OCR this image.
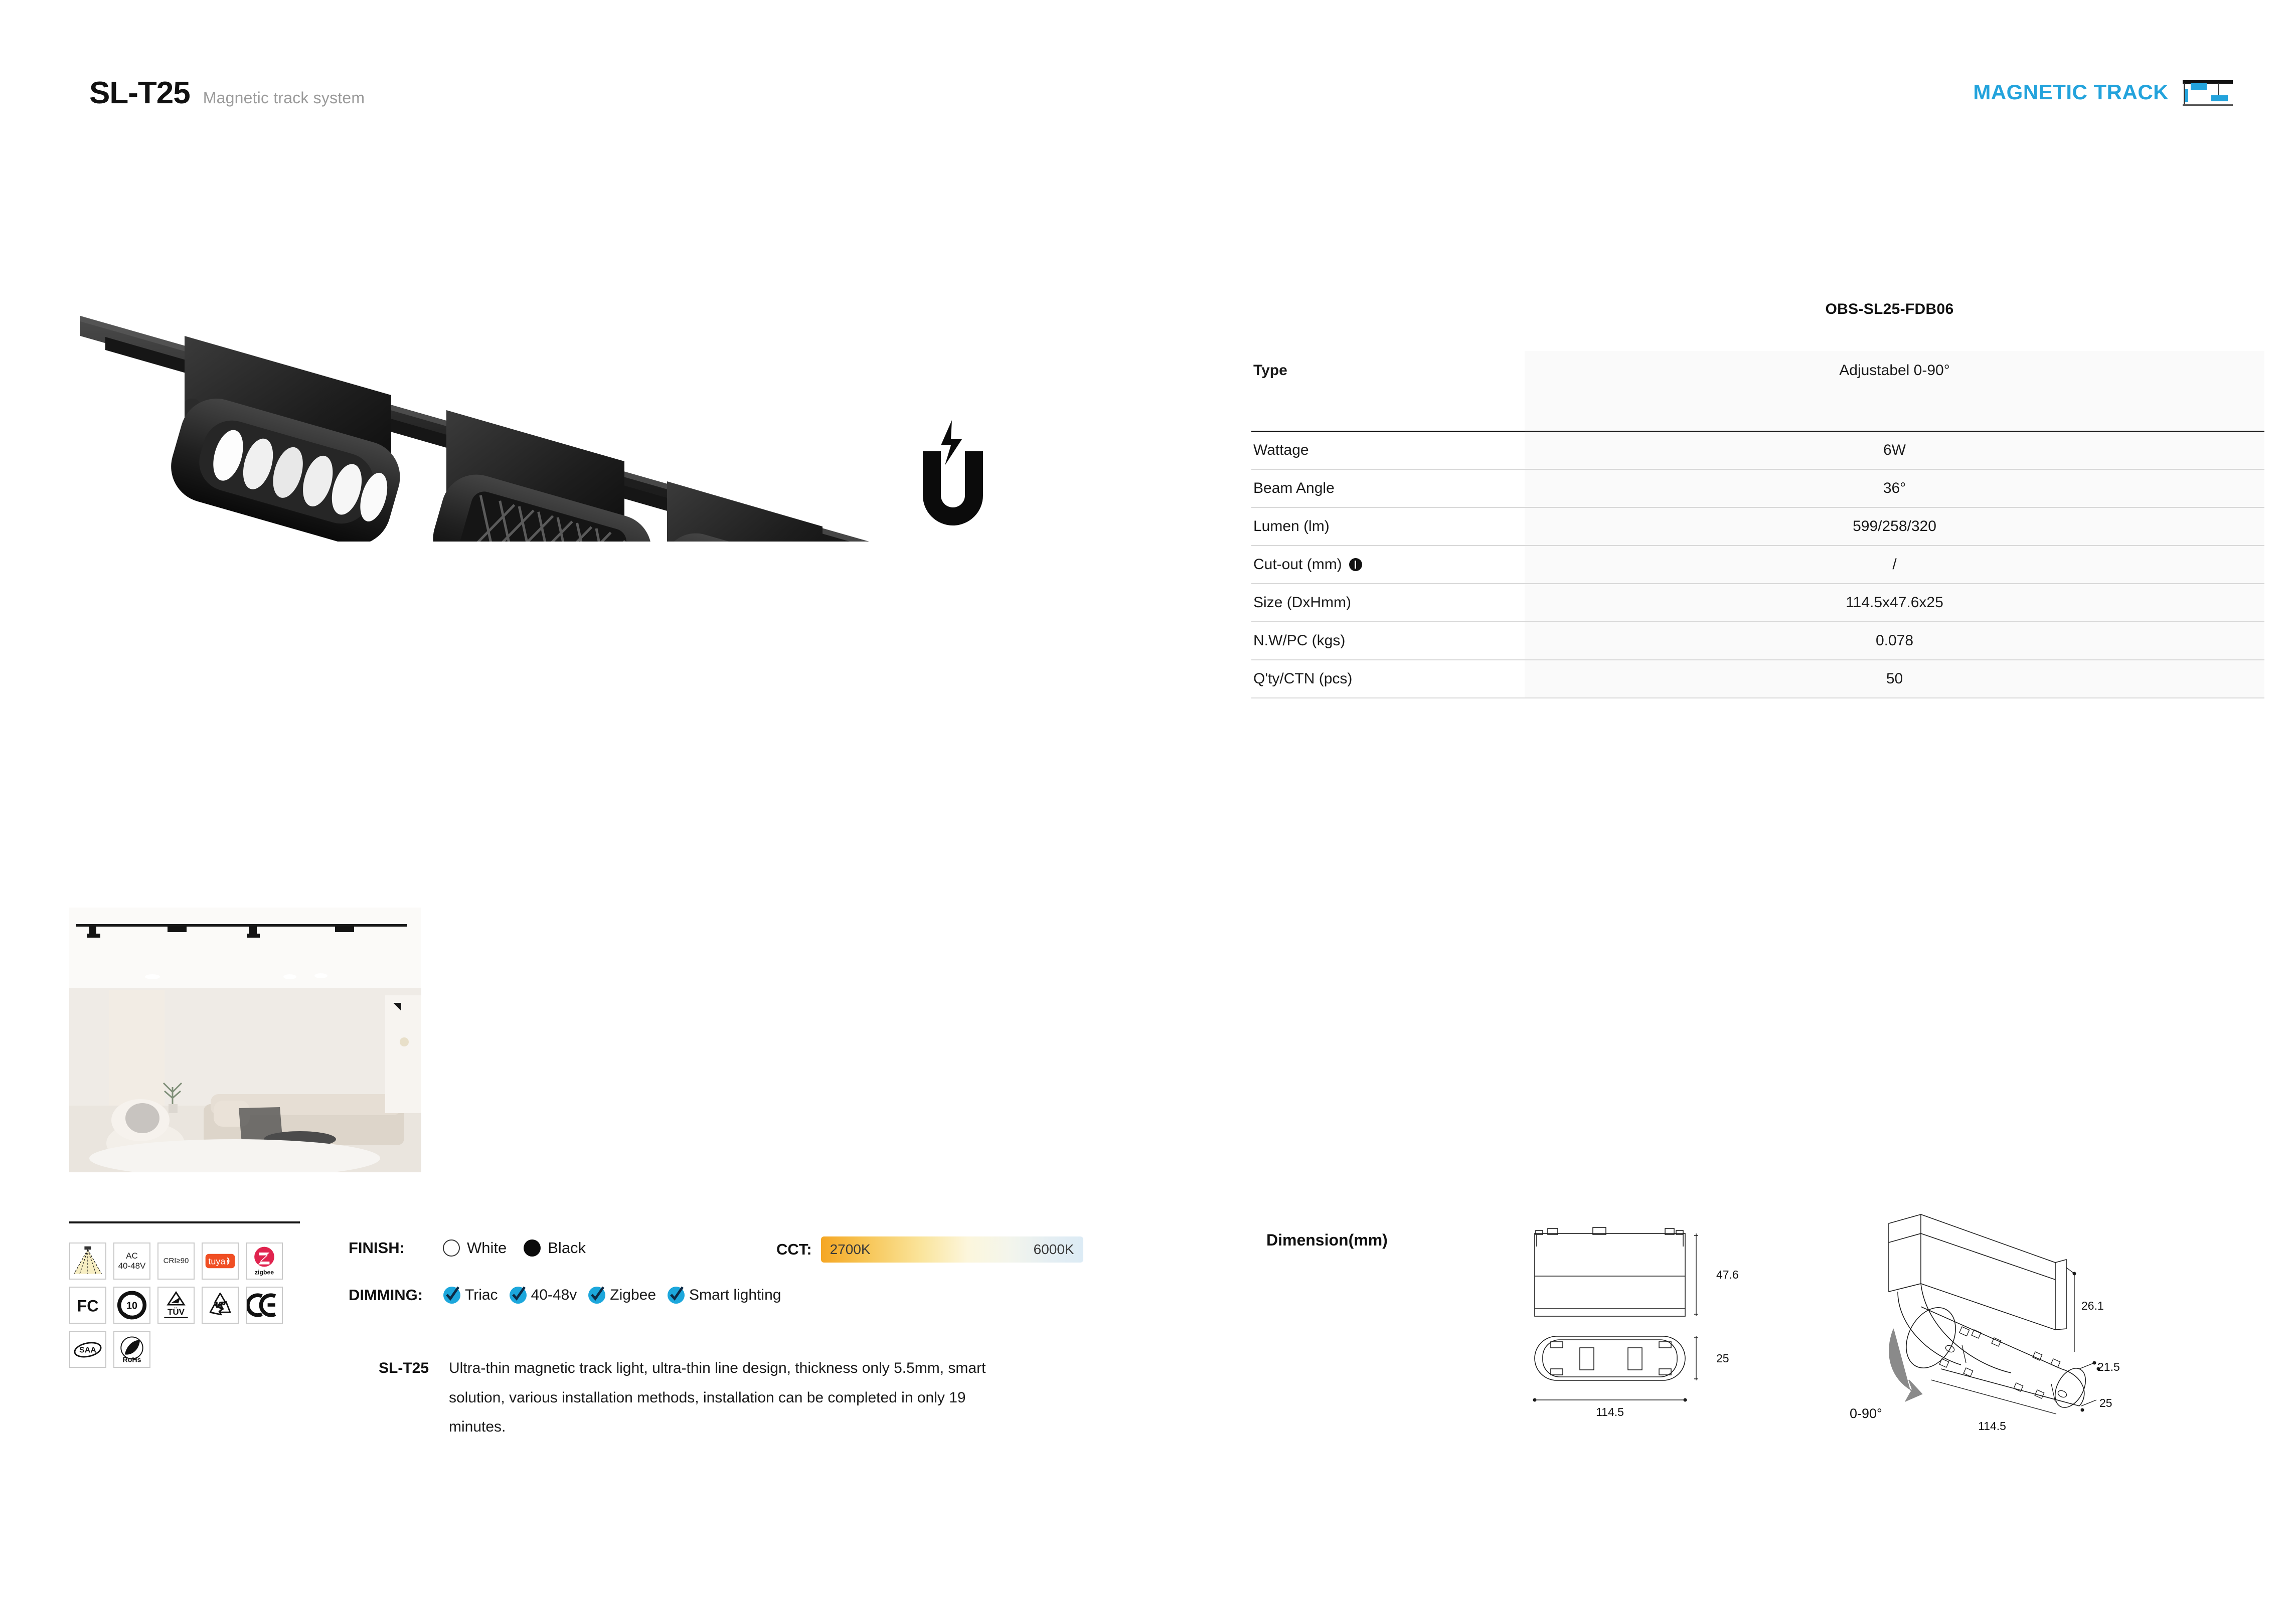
SL-T25 Magnetic track system	MAGNETIC TRACK
OBS-SL25-FDB06
Type	Adjustabel 0-90°
Wattage	6W
Beam Angle	36°
Lumen (lm)	599/258/320
Cut-out (mm)	/
Size (DxHmm)	114.5x47.6x25
N.W/PC (kgs)	0.078
Q'ty/CTN (pcs)	50
AC
40-48V
CRI≥90 tuya
zigbee
FC	10
TÜV
SAA
RoHs
FINISH:	White	Black
DIMMING:	Triac 40-48v Zigbee Smart lighting
CCT: 2700K	6000K
SL-T25	Ultra-thin magnetic track light, ultra-thin line design, thickness only 5.5mm, smart solution, various installation methods, installation can be completed in only 19 minutes.
Dimension(mm)
47.6
25
114.5	0-90°
26.1
21.5
25
114.5
